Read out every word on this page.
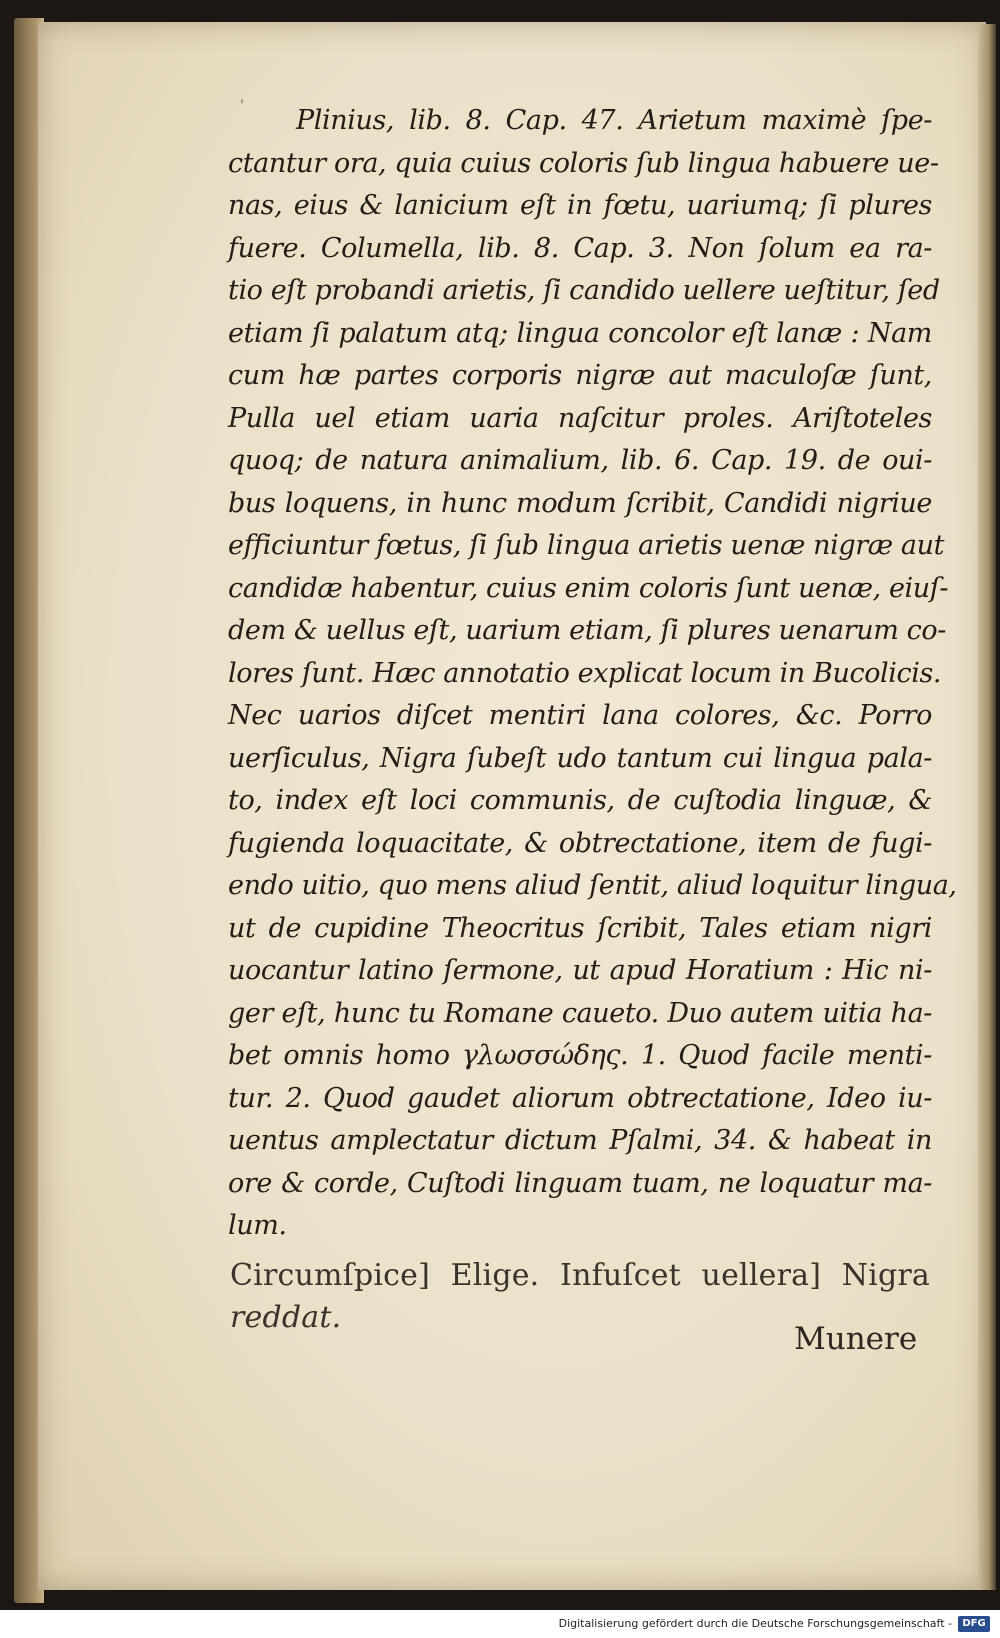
'	Plinius, lib. 8. Cap. 47. Arietum maximè ſpe-
ctantur ora, quia cuius coloris ſub lingua habuere ue-
nas, eius & lanicium eſt in fœtu, uariumq; ſi plures
fuere. Columella, lib. 8. Cap. 3. Non ſolum ea ra-
tio eſt probandi arietis, ſi candido uellere ueſtitur, ſed
etiam ſi palatum atq; lingua concolor eſt lanæ : Nam
cum hæ partes corporis nigræ aut maculoſæ ſunt,
Pulla uel etiam uaria naſcitur proles. Ariſtoteles
quoq; de natura animalium, lib. 6. Cap. 19. de oui-
bus loquens, in hunc modum ſcribit, Candidi nigriue
efficiuntur fœtus, ſi ſub lingua arietis uenæ nigræ aut
candidæ habentur, cuius enim coloris ſunt uenæ, eiuſ-
dem & uellus eſt, uarium etiam, ſi plures uenarum co-
lores ſunt. Hæc annotatio explicat locum in Bucolicis.
Nec uarios diſcet mentiri lana colores, &c. Porro
uerſiculus, Nigra ſubeſt udo tantum cui lingua pala-
to, index eſt loci communis, de cuſtodia linguæ, &
fugienda loquacitate, & obtrectatione, item de fugi-
endo uitio, quo mens aliud ſentit, aliud loquitur lingua,
ut de cupidine Theocritus ſcribit, Tales etiam nigri
uocantur latino ſermone, ut apud Horatium : Hic ni-
ger eſt, hunc tu Romane caueto. Duo autem uitia ha-
bet omnis homo γλωσσώδης. 1. Quod facile menti-
tur. 2. Quod gaudet aliorum obtrectatione, Ideo iu-
uentus amplectatur dictum Pſalmi, 34. & habeat in
ore & corde, Cuſtodi linguam tuam, ne loquatur ma-
lum.
Circumſpice] Elige. Infuſcet uellera] Nigra
reddat.
Munere
Digitalisierung gefördert durch die Deutsche Forschungsgemeinschaft -	DFG
